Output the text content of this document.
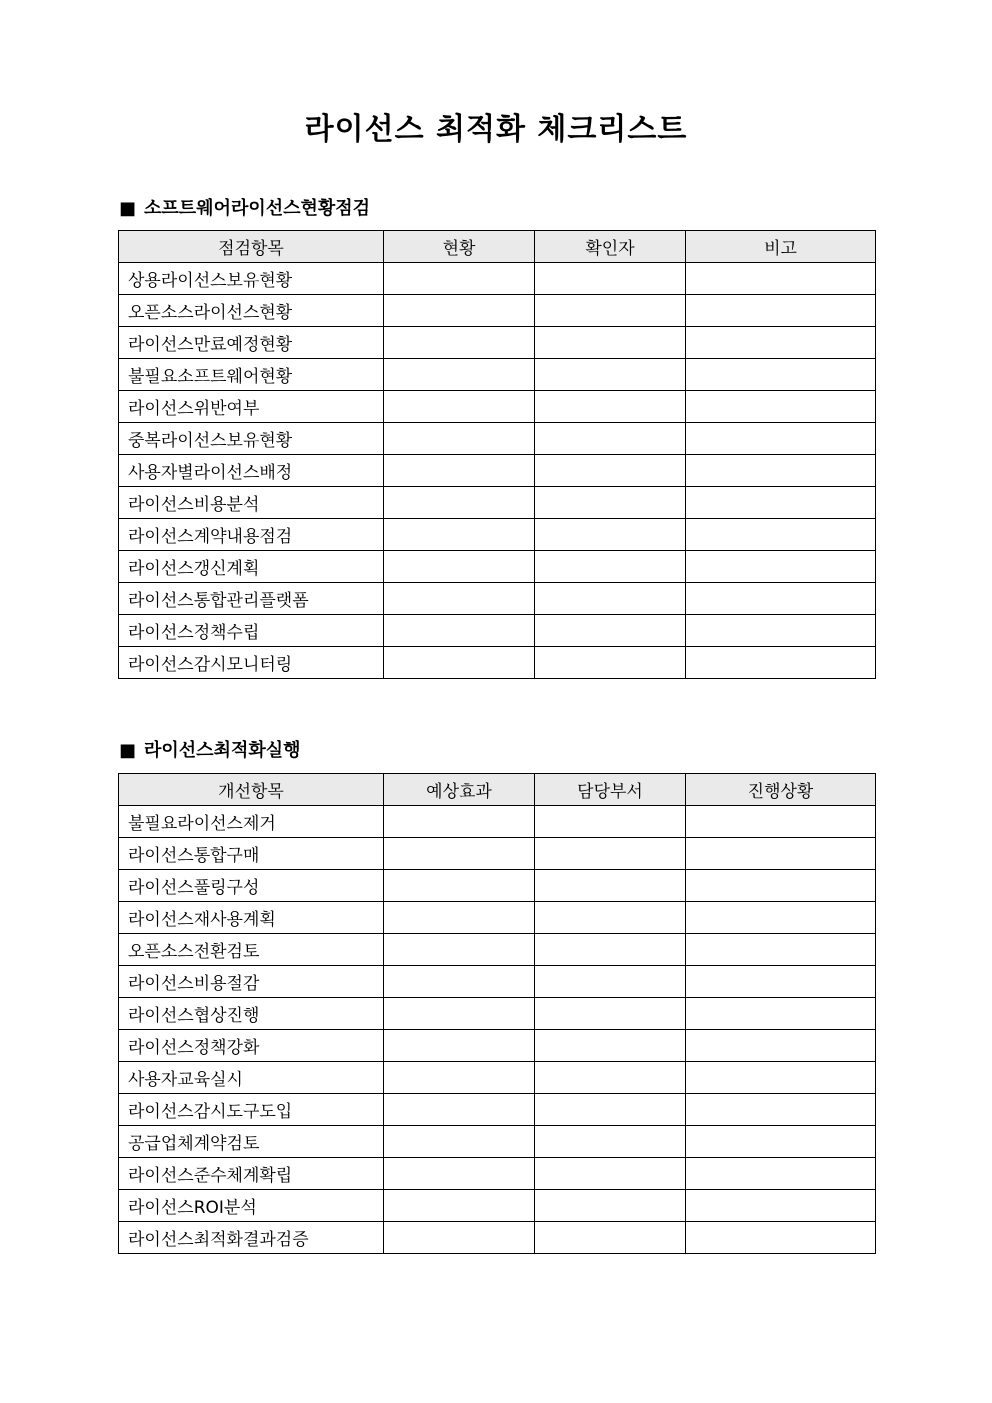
라이선스 최적화 체크리스트
■ 소프트웨어라이선스현황점검
점검항목	현황	확인자	비고
상용라이선스보유현황			
오픈소스라이선스현황			
라이선스만료예정현황			
불필요소프트웨어현황			
라이선스위반여부			
중복라이선스보유현황			
사용자별라이선스배정			
라이선스비용분석			
라이선스계약내용점검			
라이선스갱신계획			
라이선스통합관리플랫폼			
라이선스정책수립			
라이선스감시모니터링			
■ 라이선스최적화실행
개선항목	예상효과	담당부서	진행상황
불필요라이선스제거			
라이선스통합구매			
라이선스풀링구성			
라이선스재사용계획			
오픈소스전환검토			
라이선스비용절감			
라이선스협상진행			
라이선스정책강화			
사용자교육실시			
라이선스감시도구도입			
공급업체계약검토			
라이선스준수체계확립			
라이선스ROI분석			
라이선스최적화결과검증			
